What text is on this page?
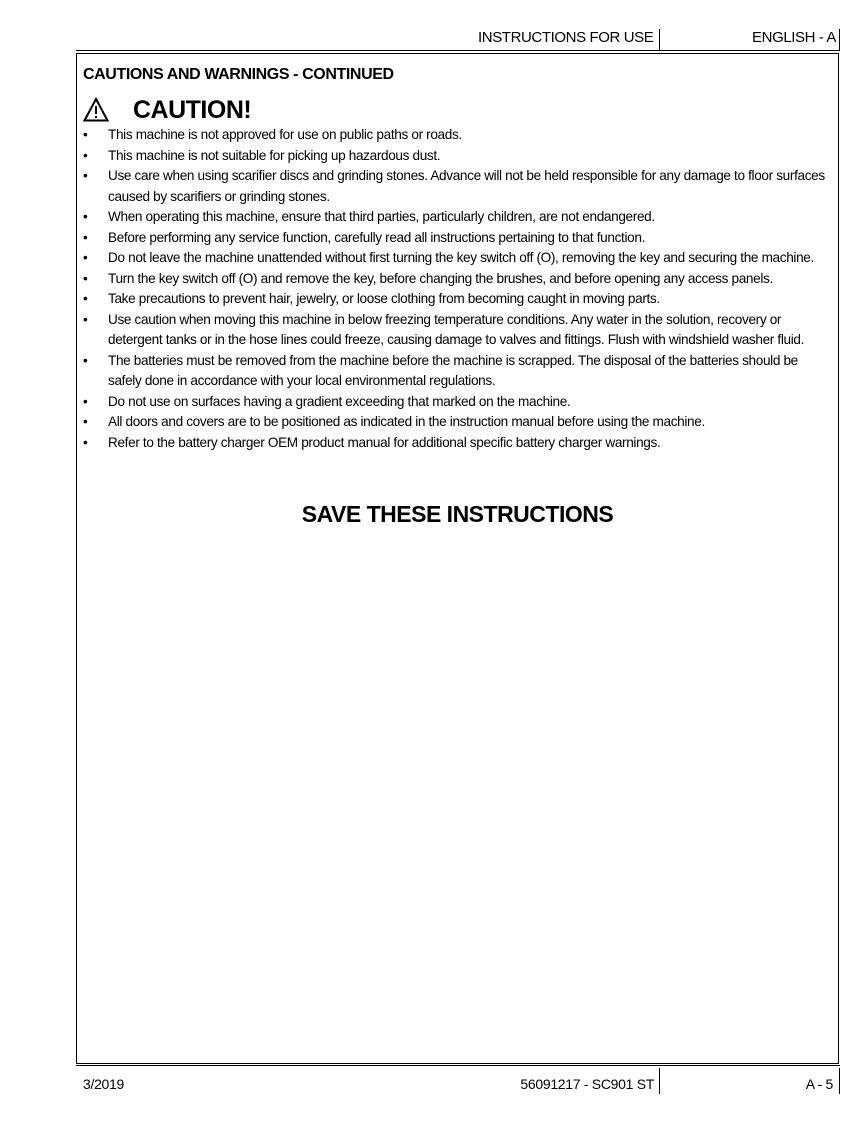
INSTRUCTIONS FOR USE	ENGLISH - A
CAUTIONS AND WARNINGS - CONTINUED
CAUTION!
•	This machine is not approved for use on public paths or roads.
•	This machine is not suitable for picking up hazardous dust.
•	Use care when using scarifier discs and grinding stones. Advance will not be held responsible for any damage to floor surfaces caused by scarifiers or grinding stones.
•	When operating this machine, ensure that third parties, particularly children, are not endangered.
•	Before performing any service function, carefully read all instructions pertaining to that function.
•	Do not leave the machine unattended without first turning the key switch off (O), removing the key and securing the machine.
•	Turn the key switch off (O) and remove the key, before changing the brushes, and before opening any access panels.
•	Take precautions to prevent hair, jewelry, or loose clothing from becoming caught in moving parts.
•	Use caution when moving this machine in below freezing temperature conditions. Any water in the solution, recovery or detergent tanks or in the hose lines could freeze, causing damage to valves and fittings. Flush with windshield washer fluid.
•	The batteries must be removed from the machine before the machine is scrapped. The disposal of the batteries should be safely done in accordance with your local environmental regulations.
•	Do not use on surfaces having a gradient exceeding that marked on the machine.
•	All doors and covers are to be positioned as indicated in the instruction manual before using the machine.
•	Refer to the battery charger OEM product manual for additional specific battery charger warnings.
SAVE THESE INSTRUCTIONS
3/2019	56091217 - SC901 ST	A - 5
